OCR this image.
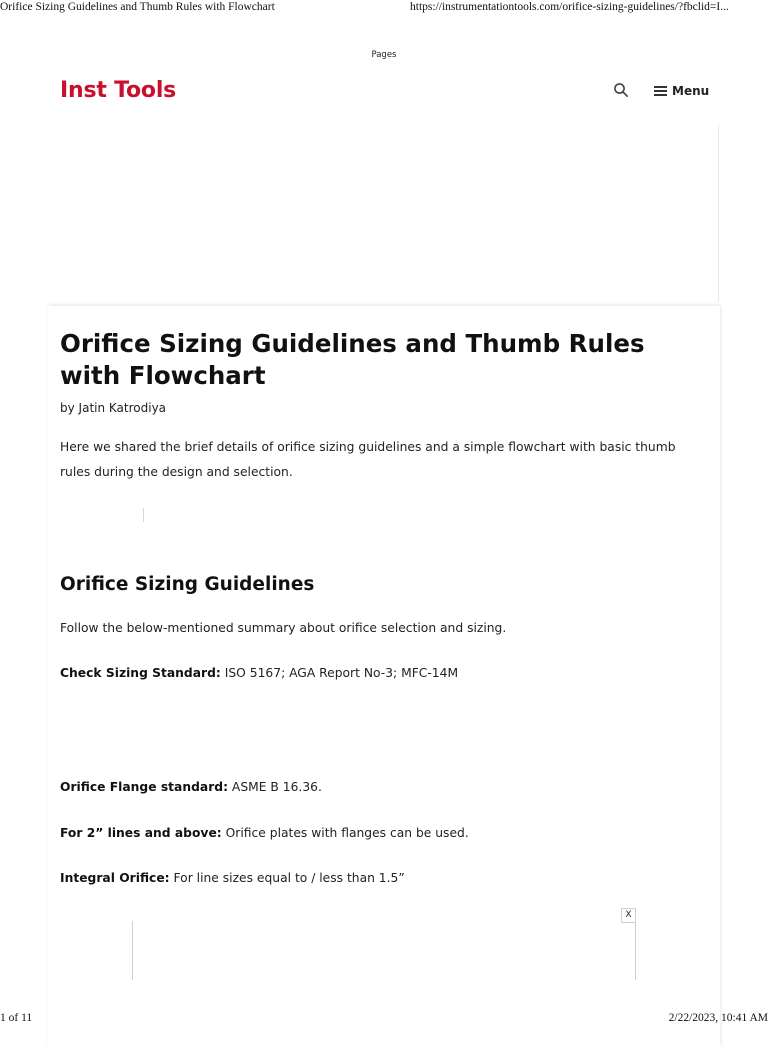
Orifice Sizing Guidelines and Thumb Rules with Flowchart	https://instrumentationtools.com/orifice-sizing-guidelines/?fbclid=I...
Pages
Inst Tools	Menu
Orifice Sizing Guidelines and Thumb Rules with Flowchart
by Jatin Katrodiya

Here we shared the brief details of orifice sizing guidelines and a simple flowchart with basic thumb rules during the design and selection.

Orifice Sizing Guidelines

Follow the below-mentioned summary about orifice selection and sizing.

Check Sizing Standard: ISO 5167; AGA Report No-3; MFC-14M

Orifice Flange standard: ASME B 16.36.

For 2” lines and above: Orifice plates with flanges can be used.

Integral Orifice: For line sizes equal to / less than 1.5”

X
1 of 11	2/22/2023, 10:41 AM
